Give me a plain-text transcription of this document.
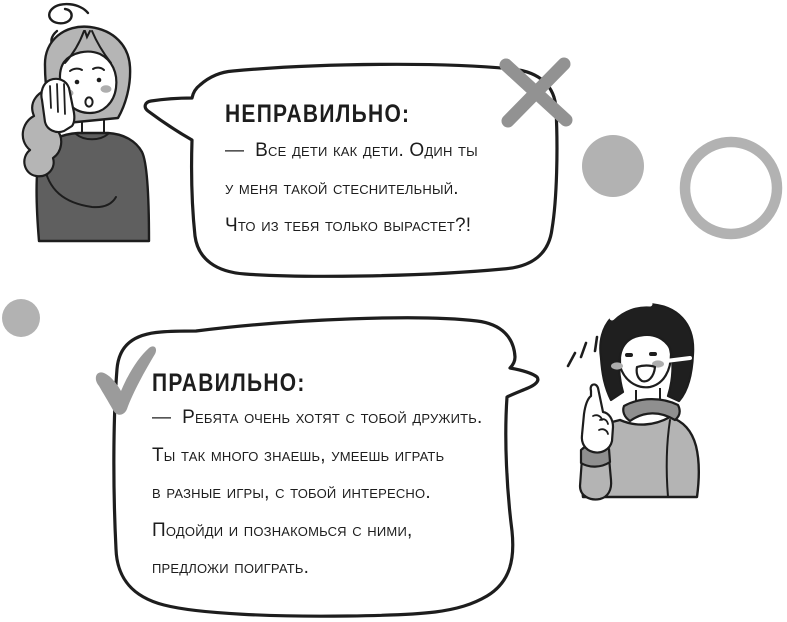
НЕПРАВИЛЬНО:
—  Все дети как дети. Один ты
у меня такой стеснительный.
Что из тебя только вырастет?!
ПРАВИЛЬНО:
—  Ребята очень хотят с тобой дружить.
Ты так много знаешь, умеешь играть
в разные игры, с тобой интересно.
Подойди и познакомься с ними,
предложи поиграть.
